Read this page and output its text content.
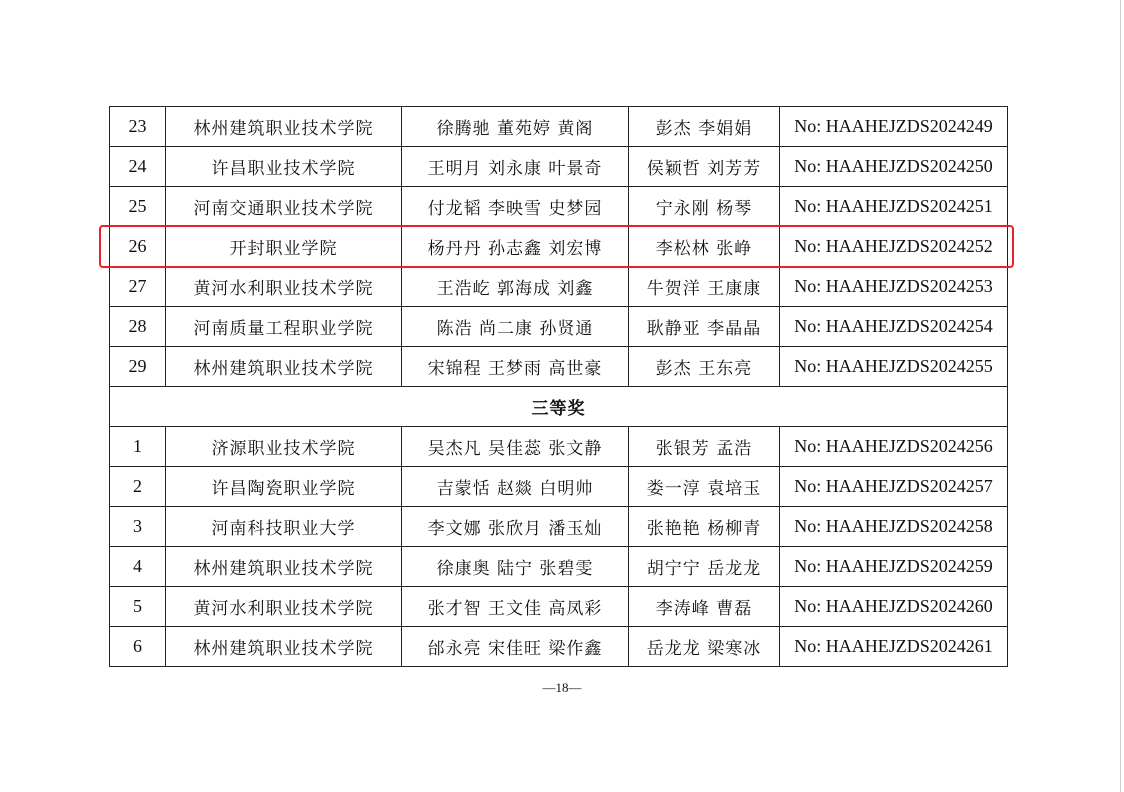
23	林州建筑职业技术学院	徐腾驰 董苑婷 黄阁	彭杰 李娟娟	No: HAAHEJZDS2024249
24	许昌职业技术学院	王明月 刘永康 叶景奇	侯颖哲 刘芳芳	No: HAAHEJZDS2024250
25	河南交通职业技术学院	付龙韬 李映雪 史梦园	宁永刚 杨琴	No: HAAHEJZDS2024251
26	开封职业学院	杨丹丹 孙志鑫 刘宏博	李松林 张峥	No: HAAHEJZDS2024252
27	黄河水利职业技术学院	王浩屹 郭海成 刘鑫	牛贺洋 王康康	No: HAAHEJZDS2024253
28	河南质量工程职业学院	陈浩 尚二康 孙贤通	耿静亚 李晶晶	No: HAAHEJZDS2024254
29	林州建筑职业技术学院	宋锦程 王梦雨 高世豪	彭杰 王东亮	No: HAAHEJZDS2024255
三等奖				
1	济源职业技术学院	吴杰凡 吴佳蕊 张文静	张银芳 孟浩	No: HAAHEJZDS2024256
2	许昌陶瓷职业学院	吉蒙恬 赵燚 白明帅	娄一淳 袁培玉	No: HAAHEJZDS2024257
3	河南科技职业大学	李文娜 张欣月 潘玉灿	张艳艳 杨柳青	No: HAAHEJZDS2024258
4	林州建筑职业技术学院	徐康奥 陆宁 张碧雯	胡宁宁 岳龙龙	No: HAAHEJZDS2024259
5	黄河水利职业技术学院	张才智 王文佳 高凤彩	李涛峰 曹磊	No: HAAHEJZDS2024260
6	林州建筑职业技术学院	邰永亮 宋佳旺 梁作鑫	岳龙龙 梁寒冰	No: HAAHEJZDS2024261
—18—
